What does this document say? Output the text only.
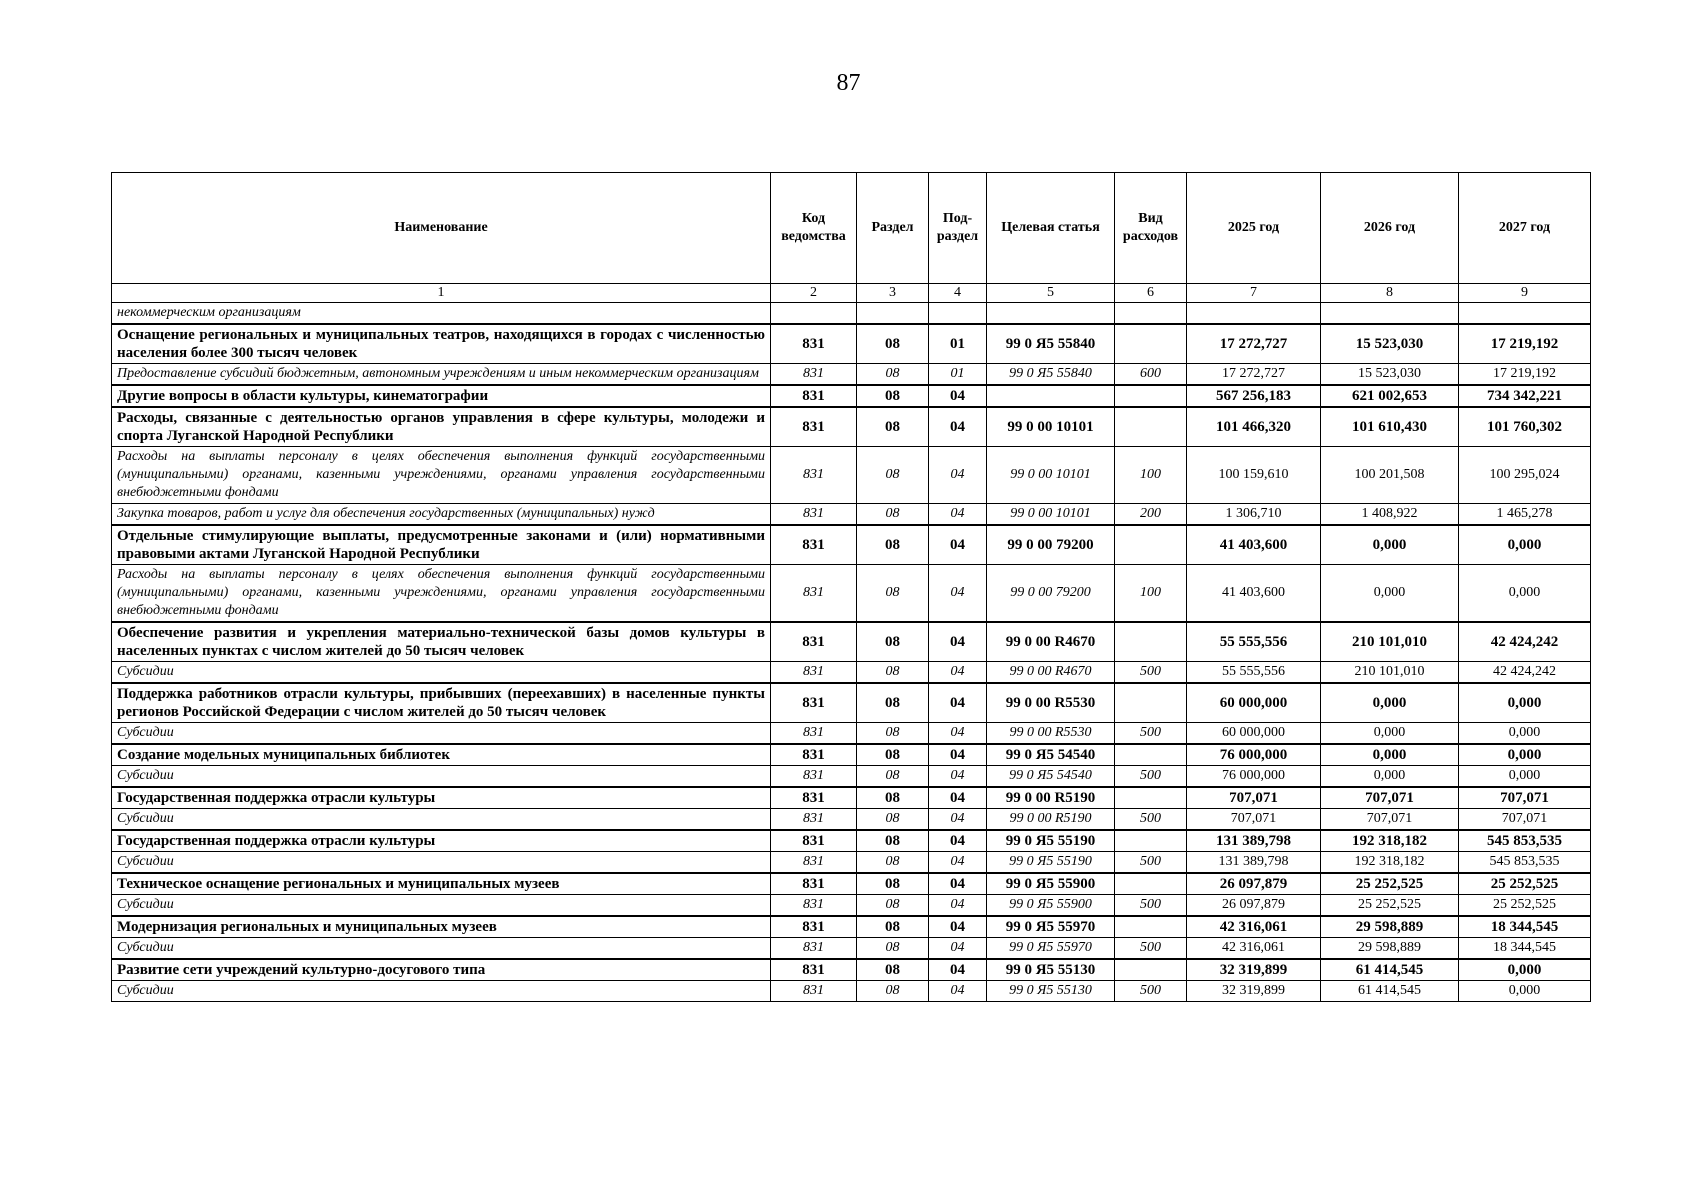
87
Наименование	Код ведомства	Раздел	Под-раздел	Целевая статья	Вид расходов	2025 год	2026 год	2027 год
1	2	3	4	5	6	7	8	9
некоммерческим организациям								
Оснащение региональных и муниципальных театров, находящихся в городах с численностью населения более 300 тысяч человек	831	08	01	99 0 Я5 55840		17 272,727	15 523,030	17 219,192
Предоставление субсидий бюджетным, автономным учреждениям и иным некоммерческим организациям	831	08	01	99 0 Я5 55840	600	17 272,727	15 523,030	17 219,192
Другие вопросы в области культуры, кинематографии	831	08	04			567 256,183	621 002,653	734 342,221
Расходы, связанные с деятельностью органов управления в сфере культуры, молодежи и спорта Луганской Народной Республики	831	08	04	99 0 00 10101		101 466,320	101 610,430	101 760,302
Расходы на выплаты персоналу в целях обеспечения выполнения функций государственными (муниципальными) органами, казенными учреждениями, органами управления государственными внебюджетными фондами	831	08	04	99 0 00 10101	100	100 159,610	100 201,508	100 295,024
Закупка товаров, работ и услуг для обеспечения государственных (муниципальных) нужд	831	08	04	99 0 00 10101	200	1 306,710	1 408,922	1 465,278
Отдельные стимулирующие выплаты, предусмотренные законами и (или) нормативными правовыми актами Луганской Народной Республики	831	08	04	99 0 00 79200		41 403,600	0,000	0,000
Расходы на выплаты персоналу в целях обеспечения выполнения функций государственными (муниципальными) органами, казенными учреждениями, органами управления государственными внебюджетными фондами	831	08	04	99 0 00 79200	100	41 403,600	0,000	0,000
Обеспечение развития и укрепления материально-технической базы домов культуры в населенных пунктах с числом жителей до 50 тысяч человек	831	08	04	99 0 00 R4670		55 555,556	210 101,010	42 424,242
Субсидии	831	08	04	99 0 00 R4670	500	55 555,556	210 101,010	42 424,242
Поддержка работников отрасли культуры, прибывших (переехавших) в населенные пункты регионов Российской Федерации с числом жителей до 50 тысяч человек	831	08	04	99 0 00 R5530		60 000,000	0,000	0,000
Субсидии	831	08	04	99 0 00 R5530	500	60 000,000	0,000	0,000
Создание модельных муниципальных библиотек	831	08	04	99 0 Я5 54540		76 000,000	0,000	0,000
Субсидии	831	08	04	99 0 Я5 54540	500	76 000,000	0,000	0,000
Государственная поддержка отрасли культуры	831	08	04	99 0 00 R5190		707,071	707,071	707,071
Субсидии	831	08	04	99 0 00 R5190	500	707,071	707,071	707,071
Государственная поддержка отрасли культуры	831	08	04	99 0 Я5 55190		131 389,798	192 318,182	545 853,535
Субсидии	831	08	04	99 0 Я5 55190	500	131 389,798	192 318,182	545 853,535
Техническое оснащение региональных и муниципальных музеев	831	08	04	99 0 Я5 55900		26 097,879	25 252,525	25 252,525
Субсидии	831	08	04	99 0 Я5 55900	500	26 097,879	25 252,525	25 252,525
Модернизация региональных и муниципальных музеев	831	08	04	99 0 Я5 55970		42 316,061	29 598,889	18 344,545
Субсидии	831	08	04	99 0 Я5 55970	500	42 316,061	29 598,889	18 344,545
Развитие сети учреждений культурно-досугового типа	831	08	04	99 0 Я5 55130		32 319,899	61 414,545	0,000
Субсидии	831	08	04	99 0 Я5 55130	500	32 319,899	61 414,545	0,000
